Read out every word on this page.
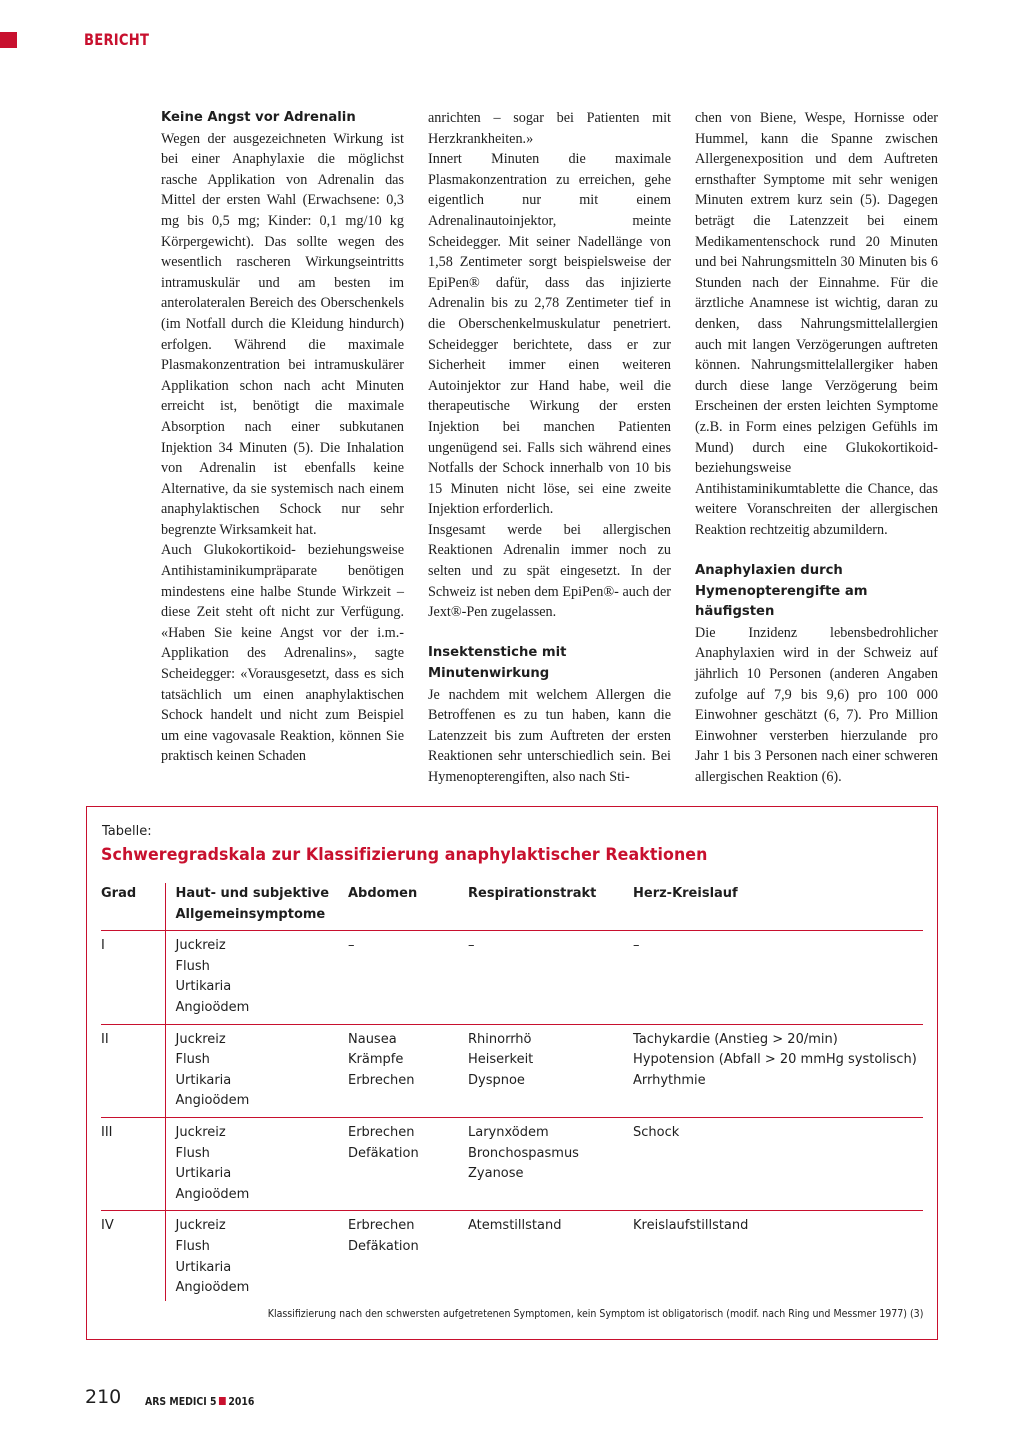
BERICHT
Keine Angst vor Adrenalin

Wegen der ausgezeichneten Wirkung ist bei einer Anaphylaxie die möglichst rasche Applikation von Adrenalin das Mittel der ersten Wahl (Erwachsene: 0,3 mg bis 0,5 mg; Kinder: 0,1 mg/10 kg Körpergewicht). Das sollte wegen des wesentlich rascheren Wirkungseintritts intramuskulär und am besten im anterolateralen Bereich des Oberschenkels (im Notfall durch die Kleidung hindurch) erfolgen. Während die maximale Plasmakonzentration bei intramuskulärer Applikation schon nach acht Minuten erreicht ist, benötigt die maximale Absorption nach einer subkutanen Injektion 34 Minuten (5). Die Inhalation von Adrenalin ist ebenfalls keine Alternative, da sie systemisch nach einem anaphylaktischen Schock nur sehr begrenzte Wirksamkeit hat.

Auch Glukokortikoid- beziehungsweise Antihistaminikumpräparate benötigen mindestens eine halbe Stunde Wirkzeit – diese Zeit steht oft nicht zur Verfügung. «Haben Sie keine Angst vor der i.m.-Applikation des Adrenalins», sagte Scheidegger: «Vorausgesetzt, dass es sich tatsächlich um einen anaphylaktischen Schock handelt und nicht zum Beispiel um eine vagovasale Reaktion, können Sie praktisch keinen Schaden

anrichten – sogar bei Patienten mit Herzkrankheiten.»

Innert Minuten die maximale Plasmakonzentration zu erreichen, gehe eigentlich nur mit einem Adrenalinautoinjektor, meinte Scheidegger. Mit seiner Nadellänge von 1,58 Zentimeter sorgt beispielsweise der EpiPen® dafür, dass das injizierte Adrenalin bis zu 2,78 Zentimeter tief in die Oberschenkelmuskulatur penetriert. Scheidegger berichtete, dass er zur Sicherheit immer einen weiteren Autoinjektor zur Hand habe, weil die therapeutische Wirkung der ersten Injektion bei manchen Patienten ungenügend sei. Falls sich während eines Notfalls der Schock innerhalb von 10 bis 15 Minuten nicht löse, sei eine zweite Injektion erforderlich.

Insgesamt werde bei allergischen Reaktionen Adrenalin immer noch zu selten und zu spät eingesetzt. In der Schweiz ist neben dem EpiPen®- auch der Jext®-Pen zugelassen.

Insektenstiche mit Minutenwirkung

Je nachdem mit welchem Allergen die Betroffenen es zu tun haben, kann die Latenzzeit bis zum Auftreten der ersten Reaktionen sehr unterschiedlich sein. Bei Hymenopterengiften, also nach Sti-

chen von Biene, Wespe, Hornisse oder Hummel, kann die Spanne zwischen Allergenexposition und dem Auftreten ernsthafter Symptome mit sehr wenigen Minuten extrem kurz sein (5). Dagegen beträgt die Latenzzeit bei einem Medikamentenschock rund 20 Minuten und bei Nahrungsmitteln 30 Minuten bis 6 Stunden nach der Einnahme. Für die ärztliche Anamnese ist wichtig, daran zu denken, dass Nahrungsmittelallergien auch mit langen Verzögerungen auftreten können. Nahrungsmittelallergiker haben durch diese lange Verzögerung beim Erscheinen der ersten leichten Symptome (z.B. in Form eines pelzigen Gefühls im Mund) durch eine Glukokortikoid- beziehungsweise Antihistaminikumtablette die Chance, das weitere Voranschreiten der allergischen Reaktion rechtzeitig abzumildern.

Anaphylaxien durch Hymenopterengifte am häufigsten

Die Inzidenz lebensbedrohlicher Anaphylaxien wird in der Schweiz auf jährlich 10 Personen (anderen Angaben zufolge auf 7,9 bis 9,6) pro 100 000 Einwohner geschätzt (6, 7). Pro Million Einwohner versterben hierzulande pro Jahr 1 bis 3 Personen nach einer schweren allergischen Reaktion (6).

Tabelle:
Schweregradskala zur Klassifizierung anaphylaktischer Reaktionen
Grad	Haut- und subjektive Allgemeinsymptome	Abdomen	Respirationstrakt	Herz-Kreislauf

I	Juckreiz
Flush
Urtikaria
Angioödem	–	–	–

II	Juckreiz
Flush
Urtikaria
Angioödem	Nausea
Krämpfe
Erbrechen	Rhinorrhö
Heiserkeit
Dyspnoe	Tachykardie (Anstieg > 20/min)
Hypotension (Abfall > 20 mmHg systolisch)
Arrhythmie

III	Juckreiz
Flush
Urtikaria
Angioödem	Erbrechen
Defäkation	Larynxödem
Bronchospasmus
Zyanose	Schock

IV	Juckreiz
Flush
Urtikaria
Angioödem	Erbrechen
Defäkation	Atemstillstand	Kreislaufstillstand
Klassifizierung nach den schwersten aufgetretenen Symptomen, kein Symptom ist obligatorisch (modif. nach Ring und Messmer 1977) (3)
210 ARS MEDICI 5 2016
